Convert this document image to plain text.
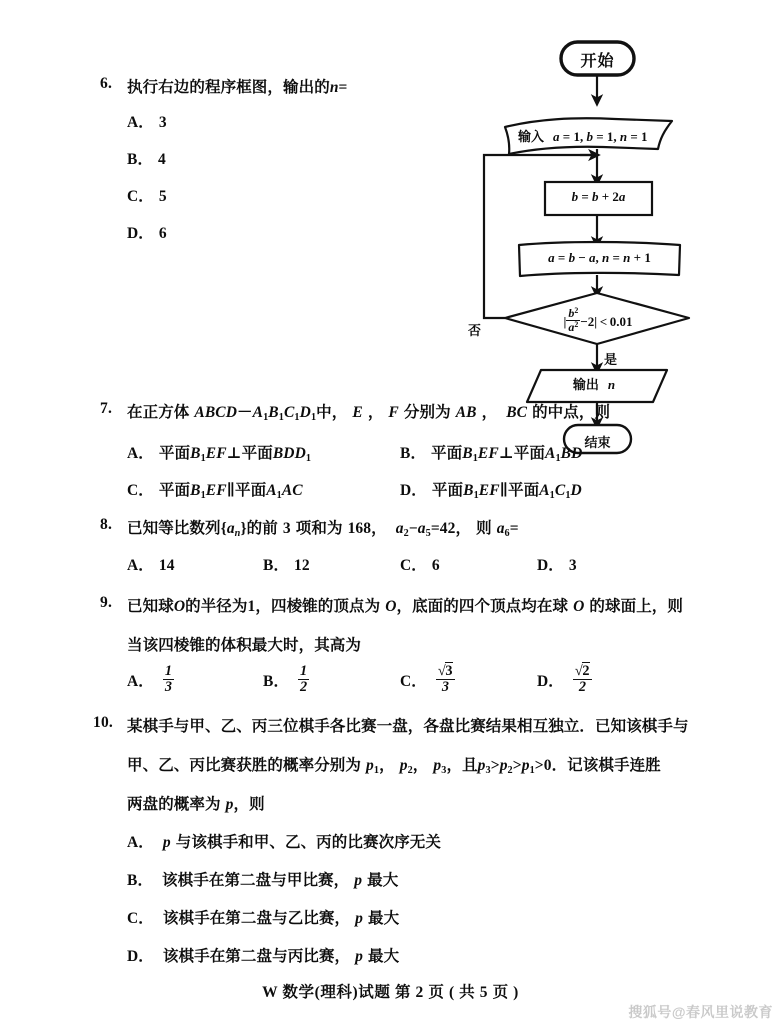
6. 执行右边的程序框图，输出的n=
A． 3
B． 4
C． 5
D． 6
开始
输入 a = 1, b = 1, n = 1
b = b + 2a
a = b − a, n = n + 1
| $\frac{b^2}{a^2} -2| < 0.01$
否
是
输出 n
结束
7. 在正方体 $ABCD-A_1B_1C_1D_1$中， E ， F 分别为 AB ， BC 的中点，则
A． 平面$B_1EF\perp$平面$BDD_1$	B． 平面$B_1EF\perp$平面$A_1BD$
C． 平面$B_1EF\parallel$平面$A_1AC$	D． 平面$B_1EF\parallel$平面$A_1C_1D$
8. 已知等比数列$\{a_n\}$的前 3 项和为 168， $a_2-a_5=42$， 则 $a_6=$
A． 14	B． 12	C． 6	D． 3
9. 已知球O的半径为1，四棱锥的顶点为 O，底面的四个顶点均在球 O 的球面上，则
当该四棱锥的体积最大时，其高为
A． $\frac{1}{3}$	B． $\frac{1}{2}$	C． $\frac{√3}{3}$	D． $\frac{√2}{2}$
10. 某棋手与甲、乙、丙三位棋手各比赛一盘，各盘比赛结果相互独立．已知该棋手与
甲、乙、丙比赛获胜的概率分别为 $p_1$， $p_2$， $p_3$，且$p_3>p_2>p_1>0$．记该棋手连胜
两盘的概率为 p，则
A． p 与该棋手和甲、乙、丙的比赛次序无关
B． 该棋手在第二盘与甲比赛， p 最大
C． 该棋手在第二盘与乙比赛， p 最大
D． 该棋手在第二盘与丙比赛， p 最大
W 数学(理科)试题 第 2 页 ( 共 5 页 )
搜狐号@春风里说教育
